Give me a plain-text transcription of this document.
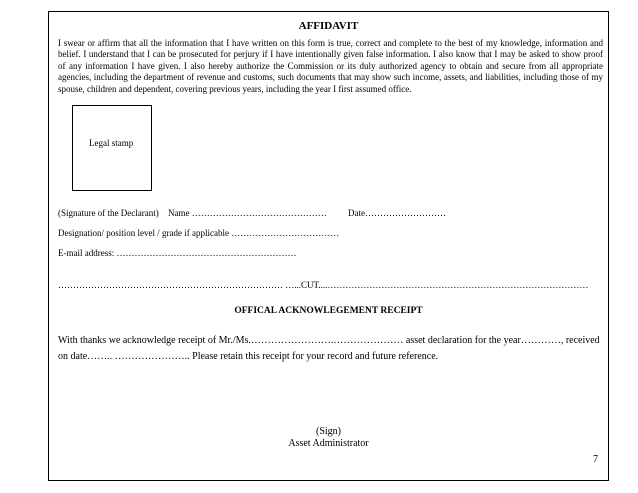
AFFIDAVIT

I swear or affirm that all the information that I have written on this form is true, correct and complete to the best of my knowledge, information and belief. I understand that I can be prosecuted for perjury if I have intentionally given false information. I also know that I may be asked to show proof of any information I have given. I also hereby authorize the Commission or its duly authorized agency to obtain and secure from all appropriate agencies, including the department of revenue and customs, such documents that may show such income, assets, and liabilities, including those of my spouse, children and dependent, covering previous years, including the year I first assumed office.

Legal stamp
(Signature of the Declarant) Name ……………………………………… Date………………………
Designation/ position level / grade if applicable ………………………………
E-mail address: ……………………………………………………
………………………………………………………………… …...CUT....……………………………………………………………………………
OFFICAL ACKNOWLEGEMENT RECEIPT
With thanks we acknowledge receipt of Mr./Ms.…………………….………………… asset declaration for the year…………, received
on date…….. ………………….. Please retain this receipt for your record and future reference.
(Sign)
Asset Administrator
7
